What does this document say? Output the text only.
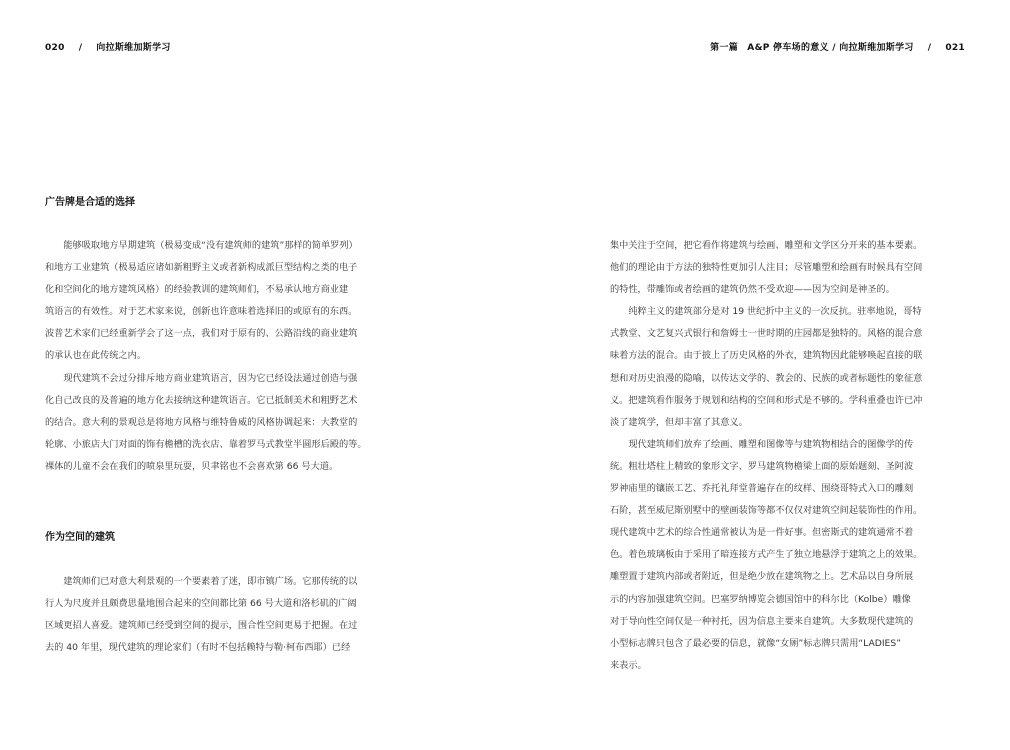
020 / 向拉斯维加斯学习	第一篇　A&P 停车场的意义 / 向拉斯维加斯学习 / 021
广告牌是合适的选择
　　能够吸取地方早期建筑（极易变成“没有建筑师的建筑”那样的简单罗列）
和地方工业建筑（极易适应诸如新粗野主义或者新构成派巨型结构之类的电子
化和空间化的地方建筑风格）的经验教训的建筑师们，不易承认地方商业建
筑语言的有效性。对于艺术家来说，创新也许意味着选择旧的或原有的东西。
波普艺术家们已经重新学会了这一点，我们对于原有的、公路沿线的商业建筑
的承认也在此传统之内。
　　现代建筑不会过分排斥地方商业建筑语言，因为它已经设法通过创造与强
化自己改良的及普遍的地方化去接纳这种建筑语言。它已抵制美术和粗野艺术
的结合。意大利的景观总是将地方风格与维特鲁威的风格协调起来：大教堂的
轮廓、小旅店大门对面的饰有檐槽的洗衣店、靠着罗马式教堂半圆形后殿的等。
裸体的儿童不会在我们的喷泉里玩耍，贝聿铭也不会喜欢第 66 号大道。
作为空间的建筑
　　建筑师们已对意大利景观的一个要素着了迷，即市镇广场。它那传统的以
行人为尺度并且颇费思量地围合起来的空间都比第 66 号大道和洛杉矶的广阔
区域更招人喜爱。建筑师已经受到空间的提示，围合性空间更易于把握。在过
去的 40 年里，现代建筑的理论家们（有时不包括赖特与勒·柯布西耶）已经
集中关注于空间，把它看作将建筑与绘画、雕塑和文学区分开来的基本要素。
他们的理论由于方法的独特性更加引人注目；尽管雕塑和绘画有时候具有空间
的特性，带雕饰或者绘画的建筑仍然不受欢迎——因为空间是神圣的。
　　纯粹主义的建筑部分是对 19 世纪折中主义的一次反抗。驻率地说，哥特
式教堂、文艺复兴式银行和詹姆士一世时期的庄园都是独特的。风格的混合意
味着方法的混合。由于披上了历史风格的外衣，建筑物因此能够唤起直接的联
想和对历史浪漫的隐喻，以传达文学的、教会的、民族的或者标题性的象征意
义。把建筑看作服务于规划和结构的空间和形式是不够的。学科重叠也许已冲
淡了建筑学，但却丰富了其意义。
　　现代建筑师们放弃了绘画、雕塑和图像等与建筑物相结合的图像学的传
统。粗壮塔柱上精致的象形文字、罗马建筑物檐梁上面的原始题刻、圣阿波
罗神庙里的镶嵌工艺、乔托礼拜堂普遍存在的纹样、围绕哥特式入口的雕刻
石阶，甚至威尼斯别墅中的壁画装饰等都不仅仅对建筑空间起装饰性的作用。
现代建筑中艺术的综合性通常被认为是一件好事。但密斯式的建筑通常不着
色。着色玻璃板由于采用了暗连接方式产生了独立地悬浮于建筑之上的效果。
雕塑置于建筑内部或者附近，但是绝少放在建筑物之上。艺术品以自身所展
示的内容加强建筑空间。巴塞罗纳博览会德国馆中的科尔比（Kolbe）雕像
对于导向性空间仅是一种衬托，因为信息主要来自建筑。大多数现代建筑的
小型标志牌只包含了最必要的信息，就像“女厕”标志牌只需用“LADIES”
来表示。
